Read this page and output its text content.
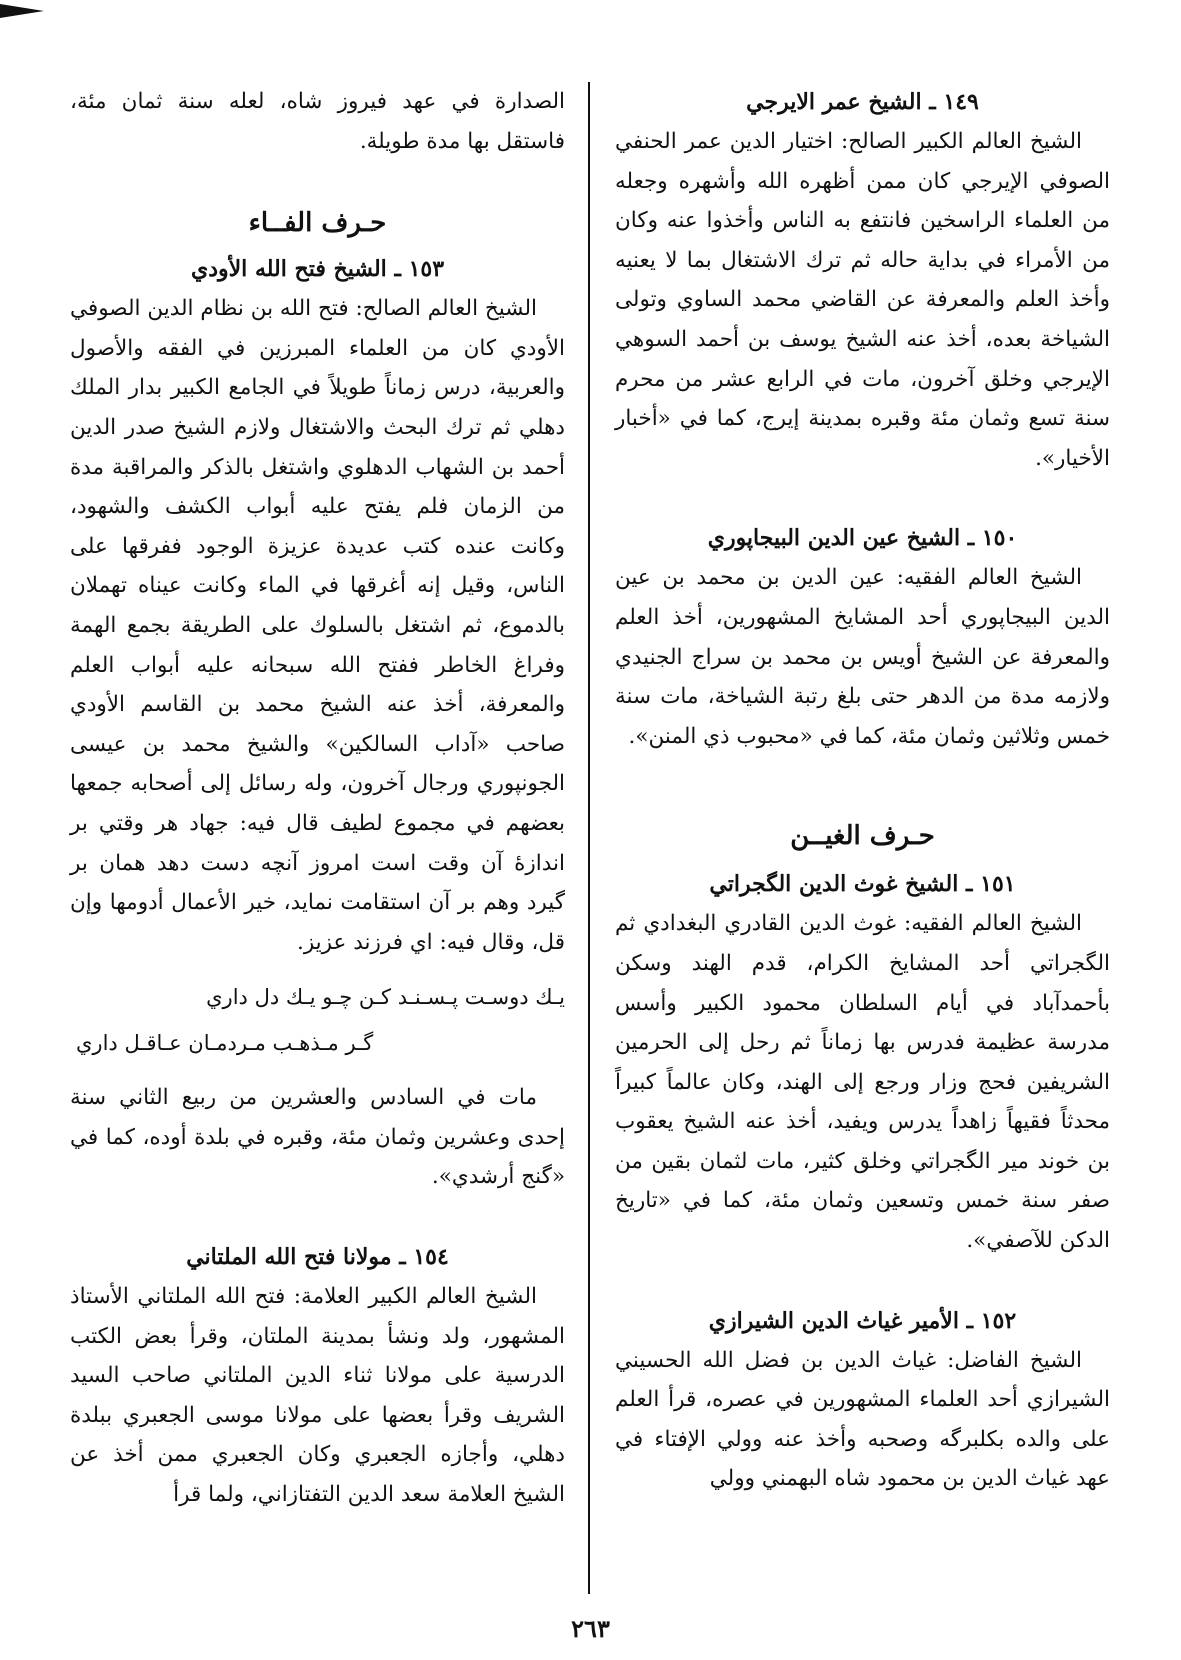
١٤٩ ـ الشيخ عمر الايرجي

الشيخ العالم الكبير الصالح: اختيار الدين عمر الحنفي الصوفي الإيرجي كان ممن أظهره الله وأشهره وجعله من العلماء الراسخين فانتفع به الناس وأخذوا عنه وكان من الأمراء في بداية حاله ثم ترك الاشتغال بما لا يعنيه وأخذ العلم والمعرفة عن القاضي محمد الساوي وتولى الشياخة بعده، أخذ عنه الشيخ يوسف بن أحمد السوهي الإيرجي وخلق آخرون، مات في الرابع عشر من محرم سنة تسع وثمان مئة وقبره بمدينة إيرج، كما في «أخبار الأخيار».

١٥٠ ـ الشيخ عين الدين البيجاپوري

الشيخ العالم الفقيه: عين الدين بن محمد بن عين الدين البيجاپوري أحد المشايخ المشهورين، أخذ العلم والمعرفة عن الشيخ أويس بن محمد بن سراج الجنيدي ولازمه مدة من الدهر حتى بلغ رتبة الشياخة، مات سنة خمس وثلاثين وثمان مئة، كما في «محبوب ذي المنن».

حـرف الغيــن
١٥١ ـ الشيخ غوث الدين الگجراتي

الشيخ العالم الفقيه: غوث الدين القادري البغدادي ثم الگجراتي أحد المشايخ الكرام، قدم الهند وسكن بأحمدآباد في أيام السلطان محمود الكبير وأسس مدرسة عظيمة فدرس بها زماناً ثم رحل إلى الحرمين الشريفين فحج وزار ورجع إلى الهند، وكان عالماً كبيراً محدثاً فقيهاً زاهداً يدرس ويفيد، أخذ عنه الشيخ يعقوب بن خوند مير الگجراتي وخلق كثير، مات لثمان بقين من صفر سنة خمس وتسعين وثمان مئة، كما في «تاريخ الدكن للآصفي».

١٥٢ ـ الأمير غياث الدين الشيرازي

الشيخ الفاضل: غياث الدين بن فضل الله الحسيني الشيرازي أحد العلماء المشهورين في عصره، قرأ العلم على والده بكلبرگه وصحبه وأخذ عنه وولي الإفتاء في عهد غياث الدين بن محمود شاه البهمني وولي

الصدارة في عهد فيروز شاه، لعله سنة ثمان مئة، فاستقل بها مدة طويلة.

حـرف الفــاء
١٥٣ ـ الشيخ فتح الله الأودي

الشيخ العالم الصالح: فتح الله بن نظام الدين الصوفي الأودي كان من العلماء المبرزين في الفقه والأصول والعربية، درس زماناً طويلاً في الجامع الكبير بدار الملك دهلي ثم ترك البحث والاشتغال ولازم الشيخ صدر الدين أحمد بن الشهاب الدهلوي واشتغل بالذكر والمراقبة مدة من الزمان فلم يفتح عليه أبواب الكشف والشهود، وكانت عنده كتب عديدة عزيزة الوجود ففرقها على الناس، وقيل إنه أغرقها في الماء وكانت عيناه تهملان بالدموع، ثم اشتغل بالسلوك على الطريقة بجمع الهمة وفراغ الخاطر ففتح الله سبحانه عليه أبواب العلم والمعرفة، أخذ عنه الشيخ محمد بن القاسم الأودي صاحب «آداب السالكين» والشيخ محمد بن عيسى الجونپوري ورجال آخرون، وله رسائل إلى أصحابه جمعها بعضهم في مجموع لطيف قال فيه: جهاد هر وقتي بر اندازه‌ٔ آن وقت است امروز آنچه دست دهد همان بر گيرد وهم بر آن استقامت نمايد، خير الأعمال أدومها وإن قل، وقال فيه: اي فرزند عزيز.

يـك دوسـت پـسـنـد كـن چـو يـك دل داري
گـر مـذهـب مـردمـان عـاقـل داري

مات في السادس والعشرين من ربيع الثاني سنة إحدى وعشرين وثمان مئة، وقبره في بلدة أوده، كما في «گنج أرشدي».

١٥٤ ـ مولانا فتح الله الملتاني

الشيخ العالم الكبير العلامة: فتح الله الملتاني الأستاذ المشهور، ولد ونشأ بمدينة الملتان، وقرأ بعض الكتب الدرسية على مولانا ثناء الدين الملتاني صاحب السيد الشريف وقرأ بعضها على مولانا موسى الجعبري ببلدة دهلي، وأجازه الجعبري وكان الجعبري ممن أخذ عن الشيخ العلامة سعد الدين التفتازاني، ولما قرأ

٢٦٣
